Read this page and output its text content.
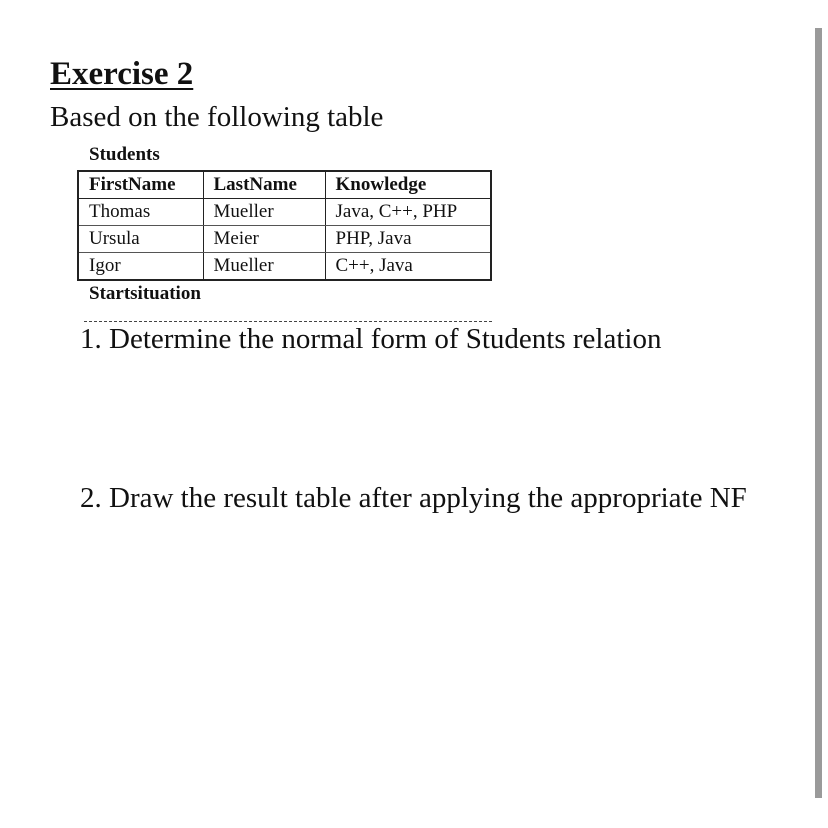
Exercise 2
Based on the following table
Students
FirstName	LastName	Knowledge
Thomas	Mueller	Java, C++, PHP
Ursula	Meier	PHP, Java
Igor	Mueller	C++, Java
Startsituation
1. Determine the normal form of Students relation
2. Draw the result table after applying the appropriate NF
